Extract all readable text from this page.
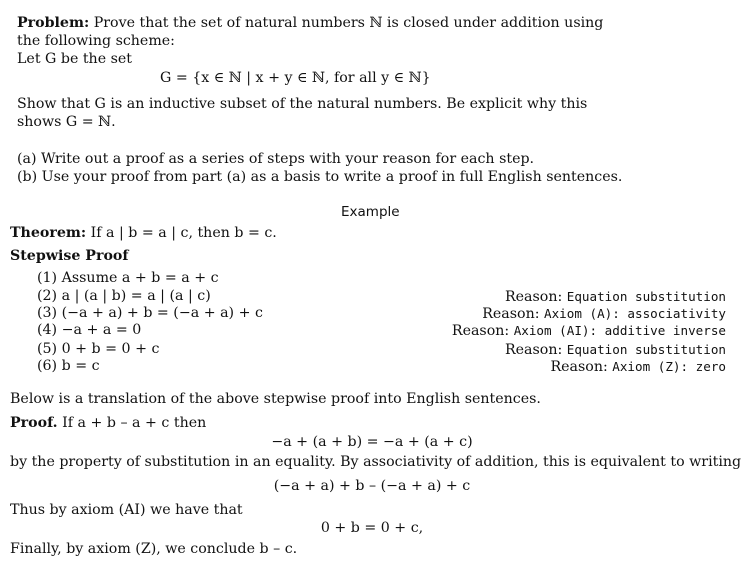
Problem: Prove that the set of natural numbers ℕ is closed under addition using
the following scheme:
Let G be the set
G = {x ∈ ℕ | x + y ∈ ℕ, for all y ∈ ℕ}
Show that G is an inductive subset of the natural numbers. Be explicit why this
shows G = ℕ.
(a) Write out a proof as a series of steps with your reason for each step.
(b) Use your proof from part (a) as a basis to write a proof in full English sentences.
Example
Theorem: If a | b = a | c, then b = c.
Stepwise Proof
(1) Assume a + b = a + c
(2) a | (a | b) = a | (a | c)	Reason: Equation substitution
(3) (−a + a) + b = (−a + a) + c	Reason: Axiom (A): associativity
(4) −a + a = 0	Reason: Axiom (AI): additive inverse
(5) 0 + b = 0 + c	Reason: Equation substitution
(6) b = c	Reason: Axiom (Z): zero
Below is a translation of the above stepwise proof into English sentences.
Proof. If a + b – a + c then
−a + (a + b) = −a + (a + c)
by the property of substitution in an equality. By associativity of addition, this is equivalent to writing
(−a + a) + b – (−a + a) + c
Thus by axiom (AI) we have that
0 + b = 0 + c,
Finally, by axiom (Z), we conclude b – c.
